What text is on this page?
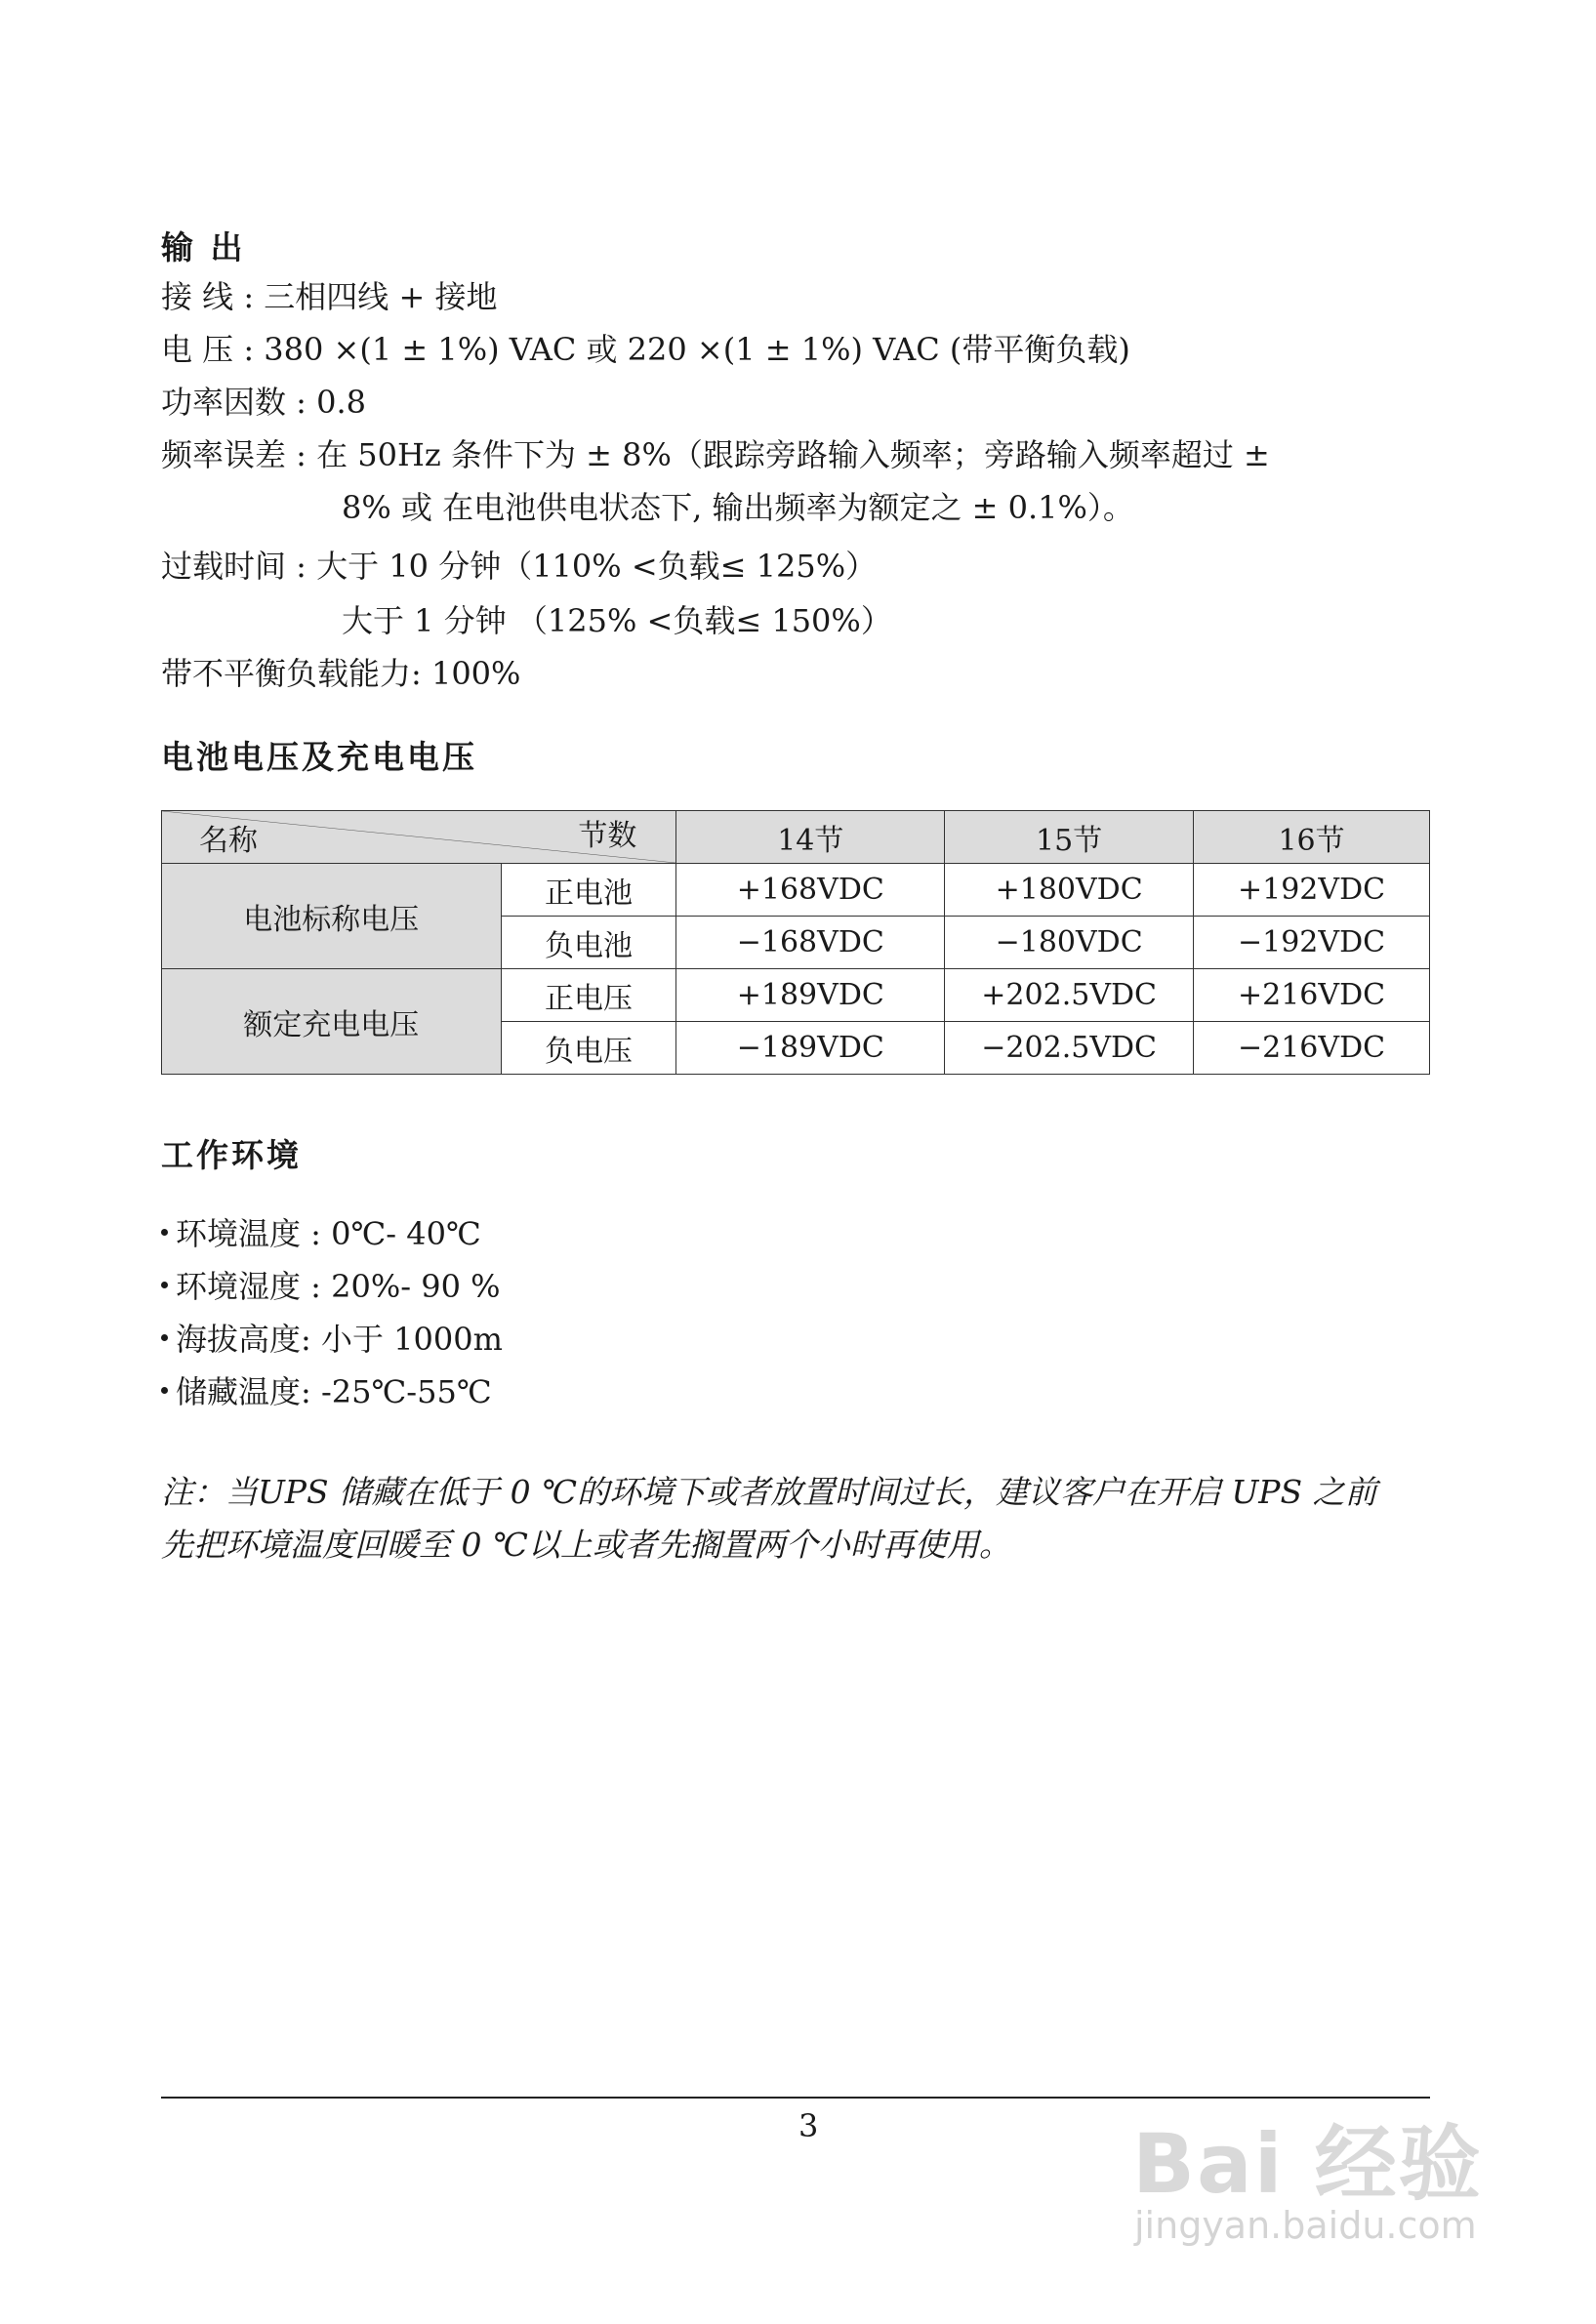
输 出
接 线 : 三相四线 + 接地
电 压 : 380 ×(1 ± 1%) VAC 或 220 ×(1 ± 1%) VAC (带平衡负载)
功率因数 : 0.8
频率误差 : 在 50Hz 条件下为 ± 8%（跟踪旁路输入频率；旁路输入频率超过 ±
8% 或 在电池供电状态下, 输出频率为额定之 ± 0.1%）。
过载时间 : 大于 10 分钟（110% <负载≤ 125%）
大于 1 分钟 （125% <负载≤ 150%）
带不平衡负载能力: 100%
电池电压及充电电压
名称 节数		14节	15节	16节
电池标称电压	正电池	+168VDC	+180VDC	+192VDC
	负电池	−168VDC	−180VDC	−192VDC
额定充电电压	正电压	+189VDC	+202.5VDC	+216VDC
	负电压	−189VDC	−202.5VDC	−216VDC
工作环境
环境温度 : 0℃- 40℃
环境湿度 : 20%- 90 %
海拔高度: 小于 1000m
储藏温度: -25℃-55℃
注：当UPS 储藏在低于 0 ℃的环境下或者放置时间过长，建议客户在开启 UPS 之前
先把环境温度回暖至 0 ℃以上或者先搁置两个小时再使用。
3	Bai 经验
jingyan.baidu.com
